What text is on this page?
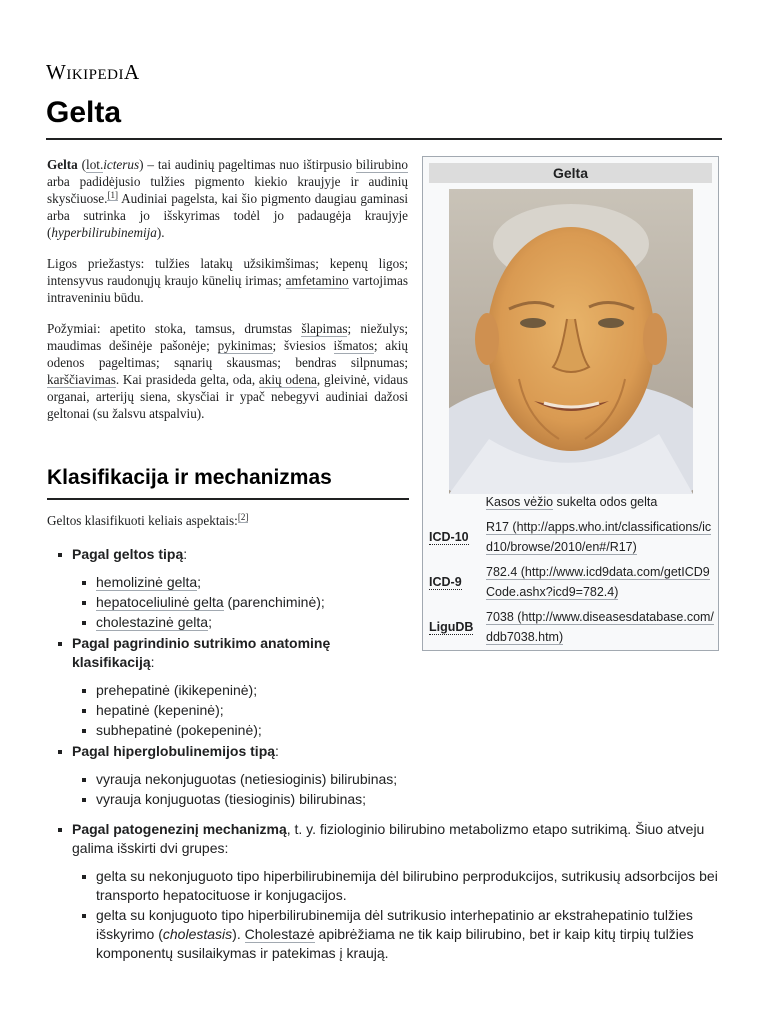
WIKIPEDIA
Gelta

Gelta (lot.icterus) – tai audinių pageltimas nuo ištirpusio bilirubino arba padidėjusio tulžies pigmento kiekio kraujyje ir audinių skysčiuose.[1] Audiniai pagelsta, kai šio pigmento daugiau gaminasi arba sutrinka jo išskyrimas todėl jo padaugėja kraujyje (hyperbilirubinemija).

Ligos priežastys: tulžies latakų užsikimšimas; kepenų ligos; intensyvus raudonųjų kraujo kūnelių irimas; amfetamino vartojimas intraveniniu būdu.

Požymiai: apetito stoka, tamsus, drumstas šlapimas; niežulys; maudimas dešinėje pašonėje; pykinimas; šviesios išmatos; akių odenos pageltimas; sąnarių skausmas; bendras silpnumas; karščiavimas. Kai prasideda gelta, oda, akių odena, gleivinė, vidaus organai, arterijų siena, skysčiai ir ypač nebegyvi audiniai dažosi geltonai (su žalsvu atspalviu).

Klasifikacija ir mechanizmas
Geltos klasifikuoti keliais aspektais:[2]
Gelta
Kasos vėžio sukelta odos gelta
ICD-10
R17 (http://apps.who.int/classifications/icd10/browse/2010/en#/R17)
ICD-9
782.4 (http://www.icd9data.com/getICD9Code.ashx?icd9=782.4)
LiguDB
7038 (http://www.diseasesdatabase.com/ddb7038.htm)
Pagal geltos tipą:
hemolizinė gelta;
hepatoceliulinė gelta (parenchiminė);
cholestazinė gelta;
Pagal pagrindinio sutrikimo anatominę klasifikaciją:
prehepatinė (ikikepeninė);
hepatinė (kepeninė);
subhepatinė (pokepeninė);
Pagal hiperglobulinemijos tipą:
vyrauja nekonjuguotas (netiesioginis) bilirubinas;
vyrauja konjuguotas (tiesioginis) bilirubinas;
Pagal patogenezinį mechanizmą, t. y. fiziologinio bilirubino metabolizmo etapo sutrikimą. Šiuo atveju galima išskirti dvi grupes:
gelta su nekonjuguoto tipo hiperbilirubinemija dėl bilirubino perprodukcijos, sutrikusių adsorbcijos bei transporto hepatocituose ir konjugacijos.
gelta su konjuguoto tipo hiperbilirubinemija dėl sutrikusio interhepatinio ar ekstrahepatinio tulžies išskyrimo (cholestasis). Cholestazė apibrėžiama ne tik kaip bilirubino, bet ir kaip kitų tirpių tulžies komponentų susilaikymas ir patekimas į kraują.
